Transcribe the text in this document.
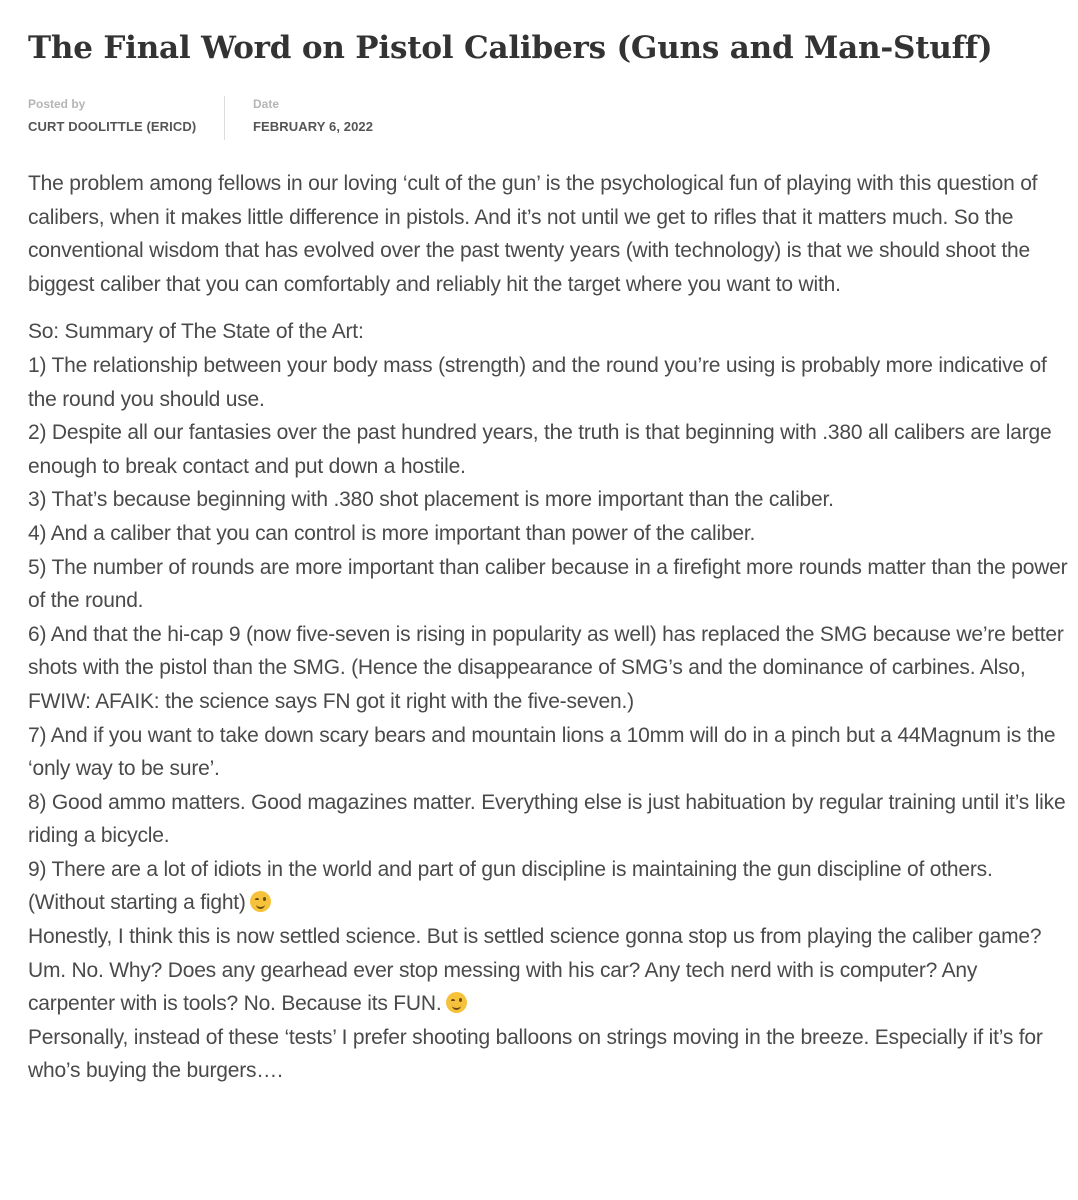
The Final Word on Pistol Calibers (Guns and Man-Stuff)
Posted by
CURT DOOLITTLE (ERICD)
Date
FEBRUARY 6, 2022

The problem among fellows in our loving ‘cult of the gun’ is the psychological fun of playing with this question of calibers, when it makes little difference in pistols. And it’s not until we get to rifles that it matters much. So the conventional wisdom that has evolved over the past twenty years (with technology) is that we should shoot the biggest caliber that you can comfortably and reliably hit the target where you want to with.

So: Summary of The State of the Art:

1) The relationship between your body mass (strength) and the round you’re using is probably more indicative of the round you should use.

2) Despite all our fantasies over the past hundred years, the truth is that beginning with .380 all calibers are large enough to break contact and put down a hostile.

3) That’s because beginning with .380 shot placement is more important than the caliber.

4) And a caliber that you can control is more important than power of the caliber.

5) The number of rounds are more important than caliber because in a firefight more rounds matter than the power of the round.

6) And that the hi-cap 9 (now five-seven is rising in popularity as well) has replaced the SMG because we’re better shots with the pistol than the SMG. (Hence the disappearance of SMG’s and the dominance of carbines. Also, FWIW: AFAIK: the science says FN got it right with the five-seven.)

7) And if you want to take down scary bears and mountain lions a 10mm will do in a pinch but a 44Magnum is the ‘only way to be sure’.

8) Good ammo matters. Good magazines matter. Everything else is just habituation by regular training until it’s like riding a bicycle.

9) There are a lot of idiots in the world and part of gun discipline is maintaining the gun discipline of others. (Without starting a fight)

Honestly, I think this is now settled science. But is settled science gonna stop us from playing the caliber game? Um. No. Why? Does any gearhead ever stop messing with his car? Any tech nerd with is computer? Any carpenter with is tools? No. Because its FUN.

Personally, instead of these ‘tests’ I prefer shooting balloons on strings moving in the breeze. Especially if it’s for who’s buying the burgers….
